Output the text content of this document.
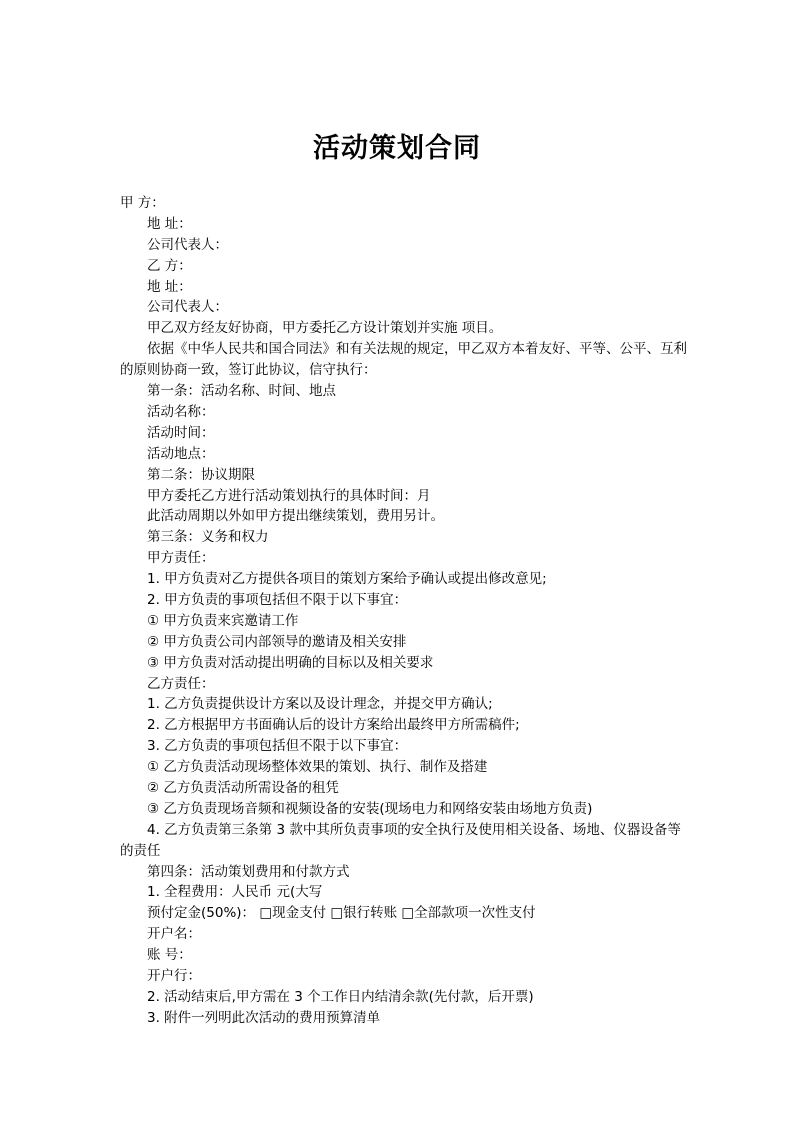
活动策划合同
甲 方：
地 址：
公司代表人：
乙 方：
地 址：
公司代表人：
甲乙双方经友好协商，甲方委托乙方设计策划并实施 项目。
依据《中华人民共和国合同法》和有关法规的规定，甲乙双方本着友好、平等、公平、互利的原则协商一致，签订此协议，信守执行：
第一条：活动名称、时间、地点
活动名称：
活动时间：
活动地点：
第二条：协议期限
甲方委托乙方进行活动策划执行的具体时间：月
此活动周期以外如甲方提出继续策划，费用另计。
第三条：义务和权力
甲方责任：
1. 甲方负责对乙方提供各项目的策划方案给予确认或提出修改意见;
2. 甲方负责的事项包括但不限于以下事宜：
① 甲方负责来宾邀请工作
② 甲方负责公司内部领导的邀请及相关安排
③ 甲方负责对活动提出明确的目标以及相关要求
乙方责任：
1. 乙方负责提供设计方案以及设计理念，并提交甲方确认;
2. 乙方根据甲方书面确认后的设计方案给出最终甲方所需稿件;
3. 乙方负责的事项包括但不限于以下事宜：
① 乙方负责活动现场整体效果的策划、执行、制作及搭建
② 乙方负责活动所需设备的租凭
③ 乙方负责现场音频和视频设备的安装(现场电力和网络安装由场地方负责)
4. 乙方负责第三条第 3 款中其所负责事项的安全执行及使用相关设备、场地、仪器设备等的责任
第四条：活动策划费用和付款方式
1. 全程费用：人民币 元(大写
预付定金(50%)： □现金支付 □银行转账 □全部款项一次性支付
开户名：
账 号：
开户行：
2. 活动结束后,甲方需在 3 个工作日内结清余款(先付款，后开票)
3. 附件一列明此次活动的费用预算清单
